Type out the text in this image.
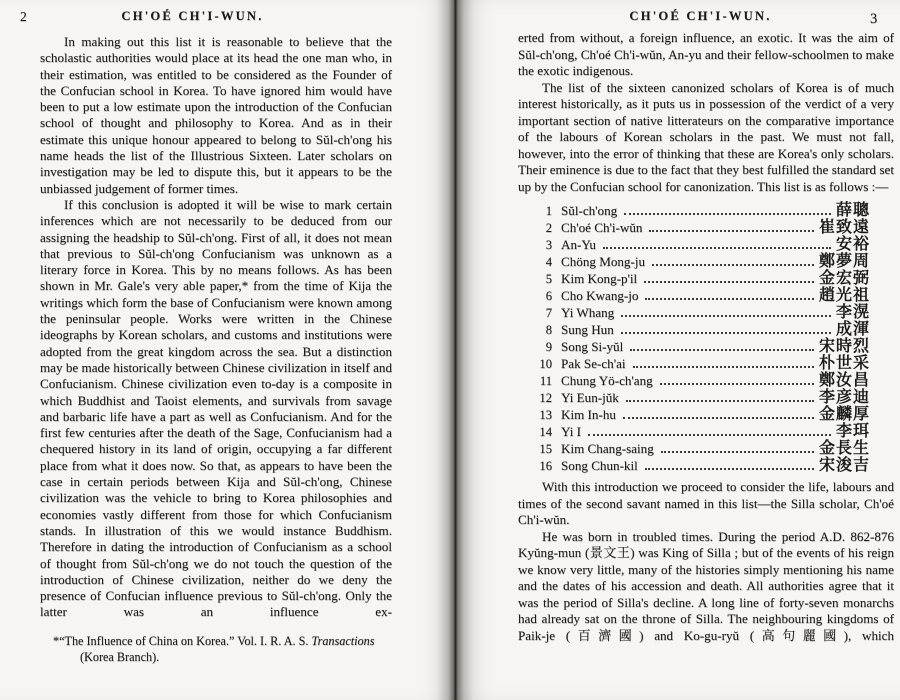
2	CH'OÉ CH'I-WUN.
In making out this list it is reasonable to believe that the scholastic authorities would place at its head the one man who, in their estimation, was entitled to be considered as the Founder of the Confucian school in Korea. To have ignored him would have been to put a low estimate upon the introduction of the Confucian school of thought and philosophy to Korea. And as in their estimate this unique honour appeared to belong to Sŭl-ch'ong his name heads the list of the Illustrious Sixteen. Later scholars on investigation may be led to dispute this, but it appears to be the unbiassed judgement of former times.
If this conclusion is adopted it will be wise to mark certain inferences which are not necessarily to be deduced from our assigning the headship to Sŭl-ch'ong. First of all, it does not mean that previous to Sŭl-ch'ong Confucianism was unknown as a literary force in Korea. This by no means follows. As has been shown in Mr. Gale's very able paper,* from the time of Kija the writings which form the base of Confucianism were known among the peninsular people. Works were written in the Chinese ideographs by Korean scholars, and customs and institutions were adopted from the great kingdom across the sea. But a distinction may be made historically between Chinese civilization in itself and Confucianism. Chinese civilization even to-day is a composite in which Buddhist and Taoist elements, and survivals from savage and barbaric life have a part as well as Confucianism. And for the first few centuries after the death of the Sage, Confucianism had a chequered history in its land of origin, occupying a far different place from what it does now. So that, as appears to have been the case in certain periods between Kija and Sŭl-ch'ong, Chinese civilization was the vehicle to bring to Korea philosophies and economies vastly different from those for which Confucianism stands. In illustration of this we would instance Buddhism. Therefore in dating the introduction of Confucianism as a school of thought from Sŭl-ch'ong we do not touch the question of the introduction of Chinese civilization, neither do we deny the presence of Confucian influence previous to Sŭl-ch'ong. Only the latter was an influence ex-
*“The Influence of China on Korea.” Vol. I. R. A. S. Transactions
(Korea Branch).
CH'OÉ CH'I-WUN.	3
erted from without, a foreign influence, an exotic. It was the aim of Sŭl-ch'ong, Ch'oé Ch'i-wŭn, An-yu and their fellow-schoolmen to make the exotic indigenous.
The list of the sixteen canonized scholars of Korea is of much interest historically, as it puts us in possession of the verdict of a very important section of native litterateurs on the comparative importance of the labours of Korean scholars in the past. We must not fall, however, into the error of thinking that these are Korea's only scholars. Their eminence is due to the fact that they best fulfilled the standard set up by the Confucian school for canonization. This list is as follows :—
1 Sŭl-ch'ong	薛聰
2 Ch'oé Ch'i-wŭn	崔致遠
3 An-Yu	安裕
4 Chöng Mong-ju	鄭夢周
5 Kim Kong-p'il	金宏弼
6 Cho Kwang-jo	趙光祖
7 Yi Whang	李滉
8 Sung Hun	成渾
9 Song Si-yŭl	宋時烈
10 Pak Se-ch'ai	朴世采
11 Chung Yö-ch'ang	鄭汝昌
12 Yi Eun-jŭk	李彦迪
13 Kim In-hu	金麟厚
14 Yi I	李珥
15 Kim Chang-saing	金長生
16 Song Chun-kil	宋浚吉
With this introduction we proceed to consider the life, labours and times of the second savant named in this list—the Silla scholar, Ch'oé Ch'i-wŭn.
He was born in troubled times. During the period A.D. 862-876 Kyŭng-mun (景文王) was King of Silla ; but of the events of his reign we know very little, many of the histories simply mentioning his name and the dates of his accession and death. All authorities agree that it was the period of Silla's decline. A long line of forty-seven monarchs had already sat on the throne of Silla. The neighbouring kingdoms of Paik-je (百濟國) and Ko-gu-ryŭ (高句麗國), which
